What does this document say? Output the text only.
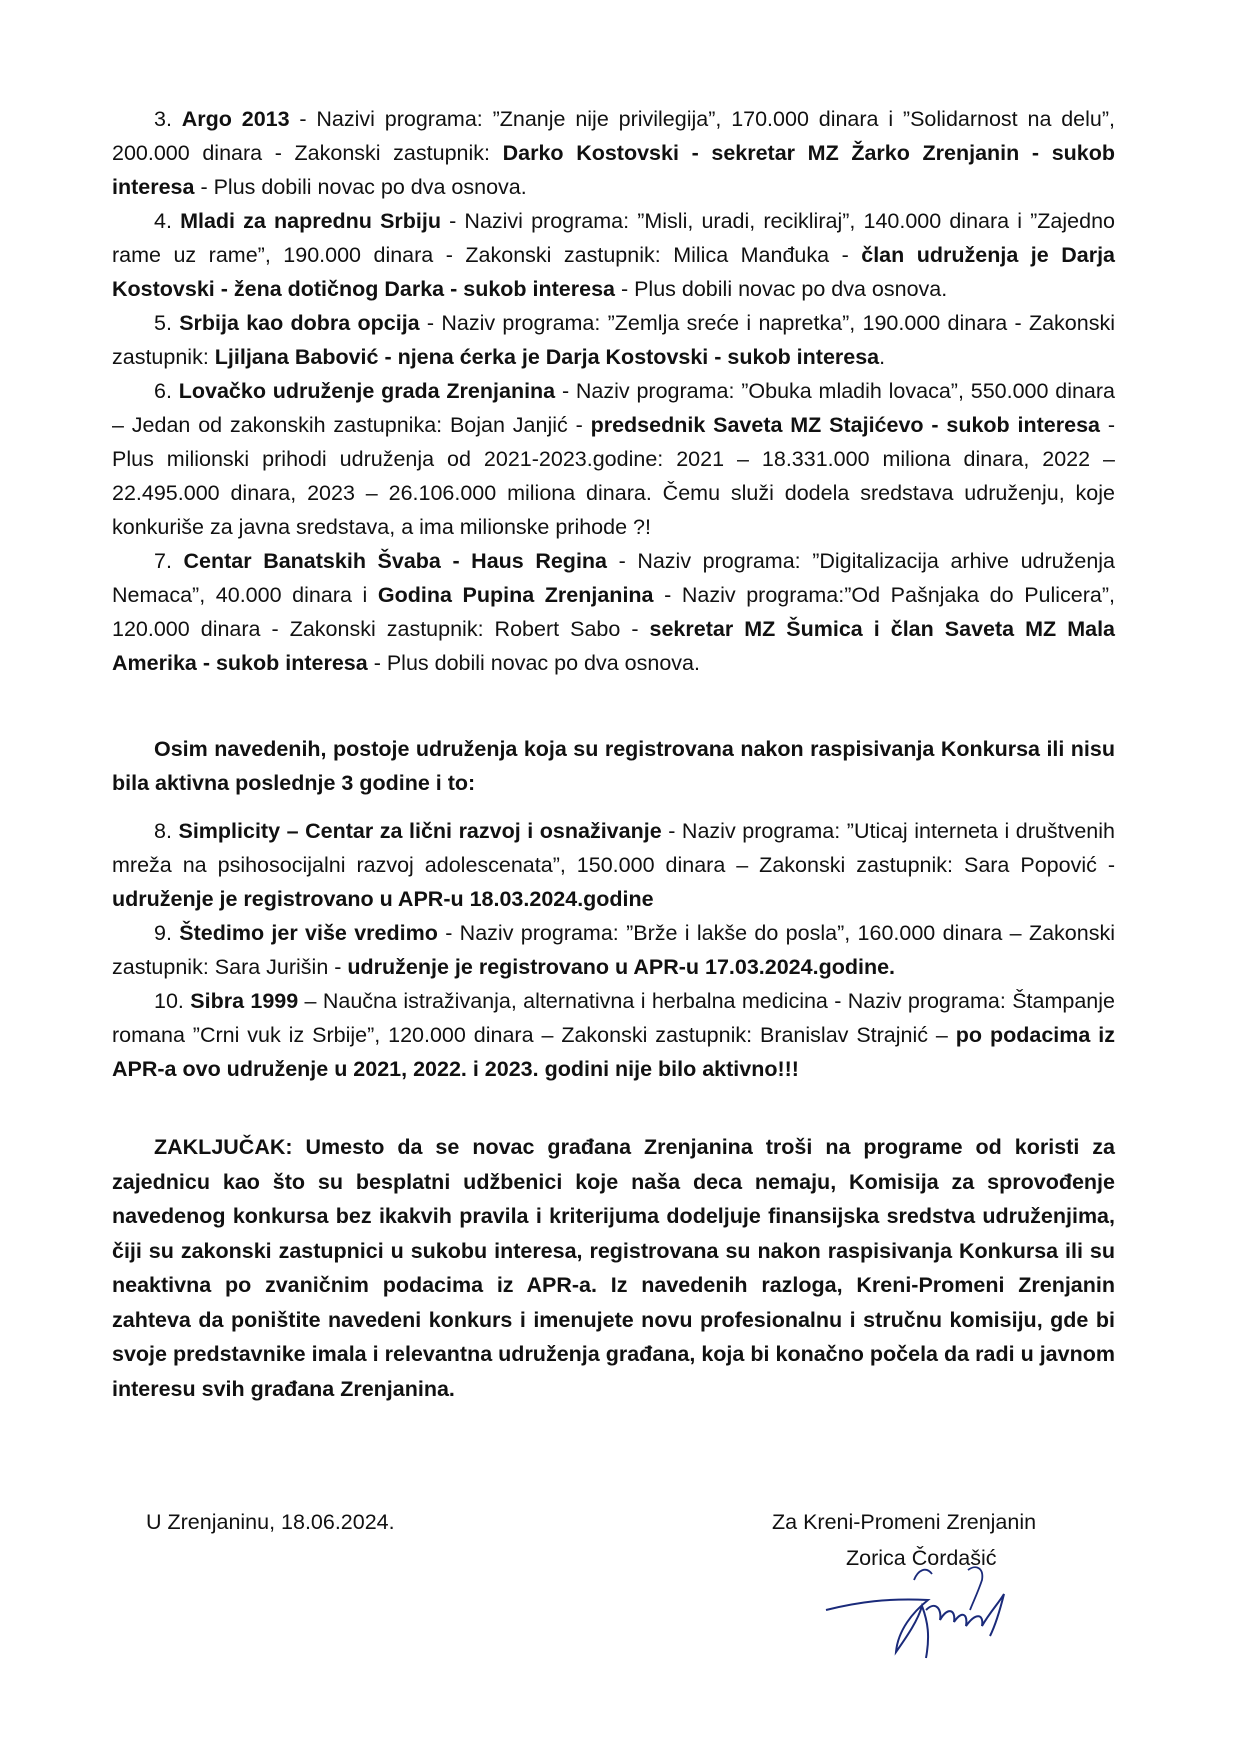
3. Argo 2013 - Nazivi programa: ”Znanje nije privilegija”, 170.000 dinara i ”Solidarnost na delu”, 200.000 dinara - Zakonski zastupnik: Darko Kostovski - sekretar MZ Žarko Zrenjanin - sukob interesa - Plus dobili novac po dva osnova.

4. Mladi za naprednu Srbiju - Nazivi programa: ”Misli, uradi, recikliraj”, 140.000 dinara i ”Zajedno rame uz rame”, 190.000 dinara - Zakonski zastupnik: Milica Manđuka - član udruženja je Darja Kostovski - žena dotičnog Darka - sukob interesa - Plus dobili novac po dva osnova.

5. Srbija kao dobra opcija - Naziv programa: ”Zemlja sreće i napretka”, 190.000 dinara - Zakonski zastupnik: Ljiljana Babović - njena ćerka je Darja Kostovski - sukob interesa.

6. Lovačko udruženje grada Zrenjanina - Naziv programa: ”Obuka mladih lovaca”, 550.000 dinara – Jedan od zakonskih zastupnika: Bojan Janjić - predsednik Saveta MZ Stajićevo - sukob interesa - Plus milionski prihodi udruženja od 2021-2023.godine: 2021 – 18.331.000 miliona dinara, 2022 – 22.495.000 dinara, 2023 – 26.106.000 miliona dinara. Čemu služi dodela sredstava udruženju, koje konkuriše za javna sredstava, a ima milionske prihode ?!

7. Centar Banatskih Švaba - Haus Regina - Naziv programa: ”Digitalizacija arhive udruženja Nemaca”, 40.000 dinara i Godina Pupina Zrenjanina - Naziv programa:”Od Pašnjaka do Pulicera”, 120.000 dinara - Zakonski zastupnik: Robert Sabo - sekretar MZ Šumica i član Saveta MZ Mala Amerika - sukob interesa - Plus dobili novac po dva osnova.

Osim navedenih, postoje udruženja koja su registrovana nakon raspisivanja Konkursa ili nisu bila aktivna poslednje 3 godine i to:

8. Simplicity – Centar za lični razvoj i osnaživanje - Naziv programa: ”Uticaj interneta i društvenih mreža na psihosocijalni razvoj adolescenata”, 150.000 dinara – Zakonski zastupnik: Sara Popović - udruženje je registrovano u APR-u 18.03.2024.godine

9. Štedimo jer više vredimo - Naziv programa: ”Brže i lakše do posla”, 160.000 dinara – Zakonski zastupnik: Sara Jurišin - udruženje je registrovano u APR-u 17.03.2024.godine.

10. Sibra 1999 – Naučna istraživanja, alternativna i herbalna medicina - Naziv programa: Štampanje romana ”Crni vuk iz Srbije”, 120.000 dinara – Zakonski zastupnik: Branislav Strajnić – po podacima iz APR-a ovo udruženje u 2021, 2022. i 2023. godini nije bilo aktivno!!!

ZAKLJUČAK: Umesto da se novac građana Zrenjanina troši na programe od koristi za zajednicu kao što su besplatni udžbenici koje naša deca nemaju, Komisija za sprovođenje navedenog konkursa bez ikakvih pravila i kriterijuma dodeljuje finansijska sredstva udruženjima, čiji su zakonski zastupnici u sukobu interesa, registrovana su nakon raspisivanja Konkursa ili su neaktivna po zvaničnim podacima iz APR-a. Iz navedenih razloga, Kreni-Promeni Zrenjanin zahteva da poništite navedeni konkurs i imenujete novu profesionalnu i stručnu komisiju, gde bi svoje predstavnike imala i relevantna udruženja građana, koja bi konačno počela da radi u javnom interesu svih građana Zrenjanina.

U Zrenjaninu, 18.06.2024.	Za Kreni-Promeni Zrenjanin
Zorica Čordašić
